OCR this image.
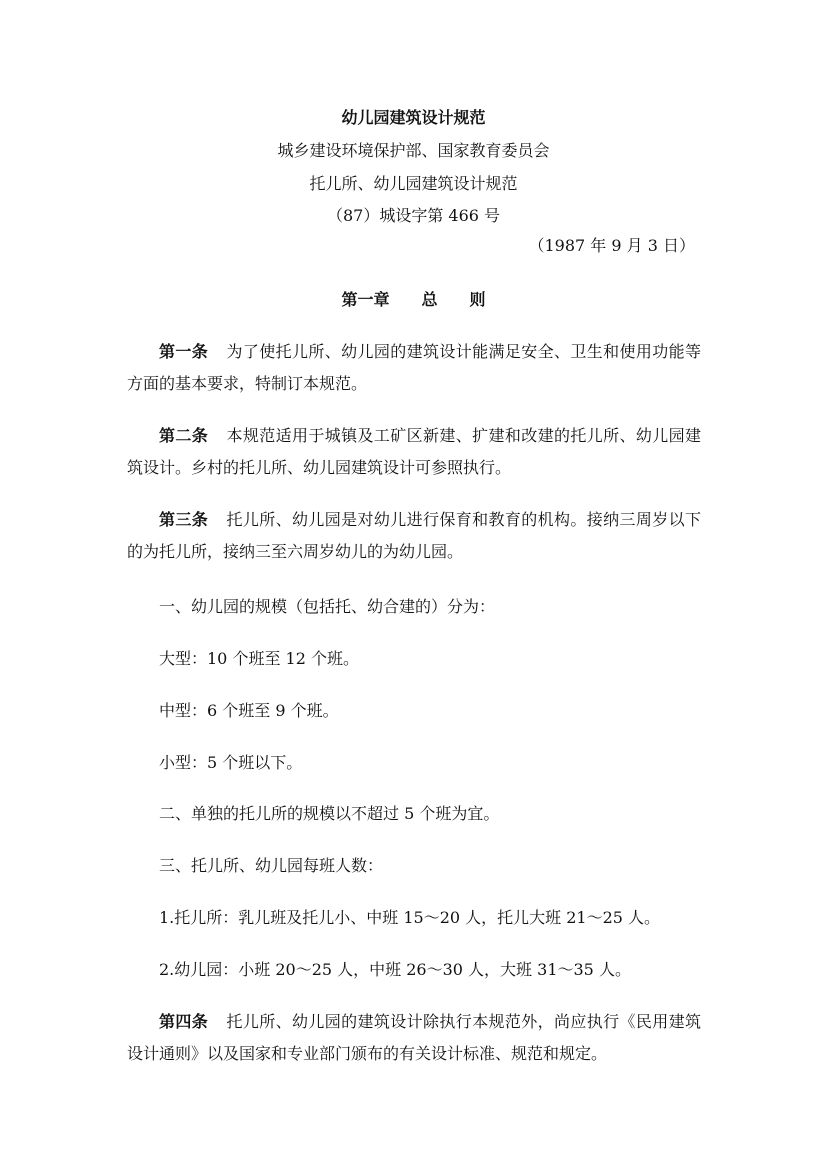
幼儿园建筑设计规范
城乡建设环境保护部、国家教育委员会
托儿所、幼儿园建筑设计规范
（87）城设字第 466 号
（1987 年 9 月 3 日）
第一章 总 则
第一条 为了使托儿所、幼儿园的建筑设计能满足安全、卫生和使用功能等方面的基本要求，特制订本规范。
第二条 本规范适用于城镇及工矿区新建、扩建和改建的托儿所、幼儿园建筑设计。乡村的托儿所、幼儿园建筑设计可参照执行。
第三条 托儿所、幼儿园是对幼儿进行保育和教育的机构。接纳三周岁以下的为托儿所，接纳三至六周岁幼儿的为幼儿园。
一、幼儿园的规模（包括托、幼合建的）分为：
大型：10 个班至 12 个班。
中型：6 个班至 9 个班。
小型：5 个班以下。
二、单独的托儿所的规模以不超过 5 个班为宜。
三、托儿所、幼儿园每班人数：
1.托儿所：乳儿班及托儿小、中班 15～20 人，托儿大班 21～25 人。
2.幼儿园：小班 20～25 人，中班 26～30 人，大班 31～35 人。
第四条 托儿所、幼儿园的建筑设计除执行本规范外，尚应执行《民用建筑设计通则》以及国家和专业部门颁布的有关设计标准、规范和规定。
